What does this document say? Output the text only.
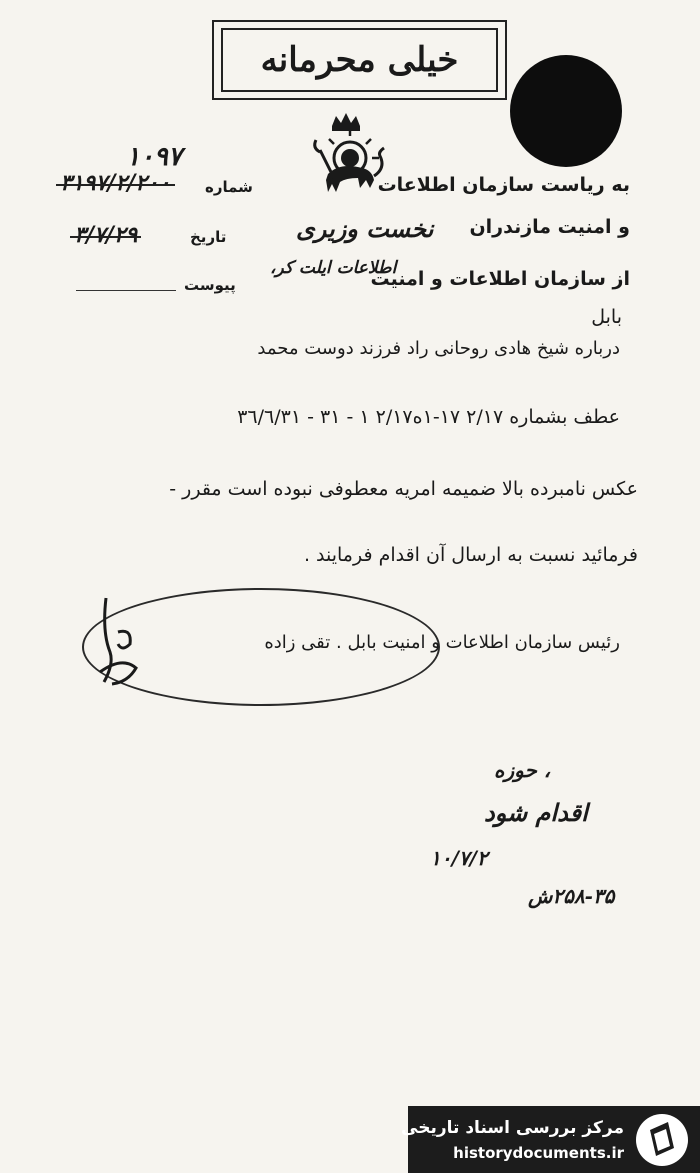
خیلی محرمانه
۱۰۹۷
۳۱۹۷/۲/۲۰۰ شماره
۳/۷/۲۹	تاریخ
پیوست
به ریاست سازمان اطلاعات
و امنیت مازندران
نخست وزیری
از سازمان اطلاعات و امنیت
اطلاعات ایلت کر،
بابل
درباره شیخ هادی روحانی راد فرزند دوست محمد
عطف بشماره ۲/۱۷ ۱۷-۱ه۲/۱۷ ۱ - ۳۱ - ۳٦/٦/۳۱
عکس نامبرده بالا ضمیمه امریه معطوفی نبوده است مقرر -
فرمائید نسبت به ارسال آن اقدام فرمایند .
رئیس سازمان اطلاعات و امنیت بابل . تقی زاده
، حوزه
اقدام شود
۱۰/۷/۲
۲۵۸-۳۵ش
مرکز بررسی اسناد تاریخی
historydocuments.ir
